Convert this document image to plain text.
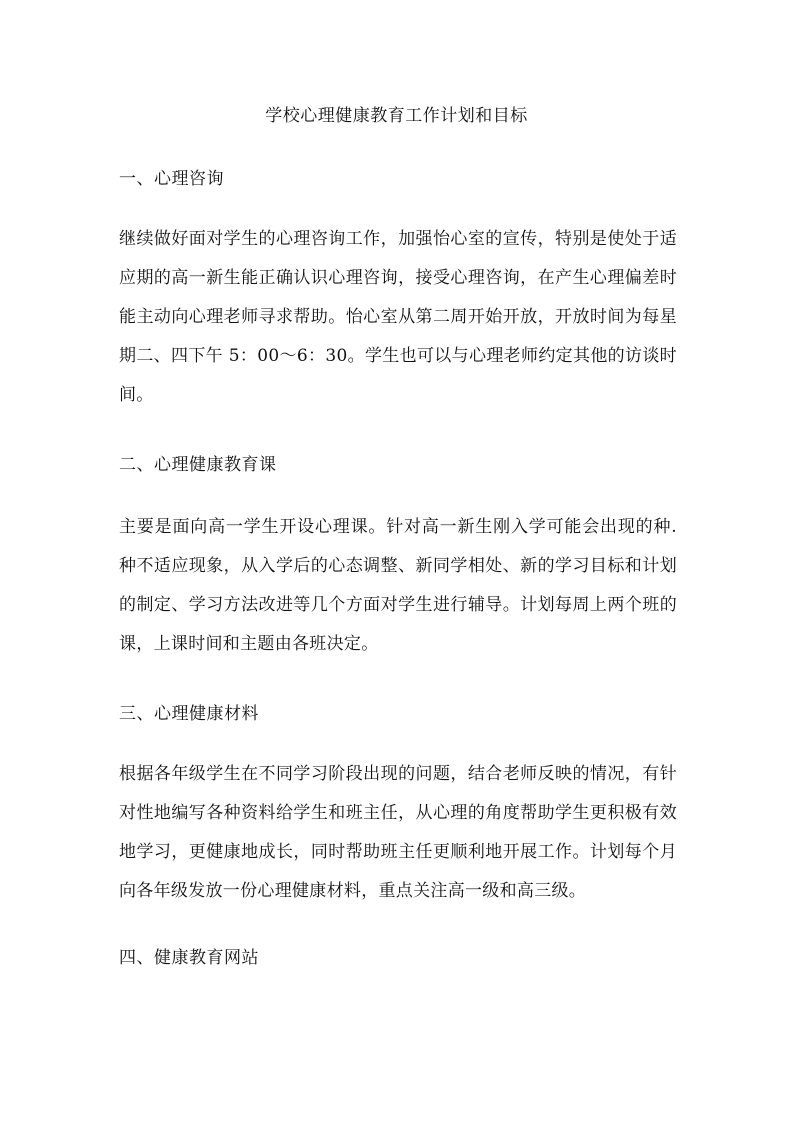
学校心理健康教育工作计划和目标
一、心理咨询
继续做好面对学生的心理咨询工作，加强怡心室的宣传，特别是使处于适应期的高一新生能正确认识心理咨询，接受心理咨询，在产生心理偏差时能主动向心理老师寻求帮助。怡心室从第二周开始开放，开放时间为每星期二、四下午 5：00～6：30。学生也可以与心理老师约定其他的访谈时间。
二、心理健康教育课
主要是面向高一学生开设心理课。针对高一新生刚入学可能会出现的种.种不适应现象，从入学后的心态调整、新同学相处、新的学习目标和计划的制定、学习方法改进等几个方面对学生进行辅导。计划每周上两个班的课，上课时间和主题由各班决定。
三、心理健康材料
根据各年级学生在不同学习阶段出现的问题，结合老师反映的情况，有针对性地编写各种资料给学生和班主任，从心理的角度帮助学生更积极有效地学习，更健康地成长，同时帮助班主任更顺利地开展工作。计划每个月向各年级发放一份心理健康材料，重点关注高一级和高三级。
四、健康教育网站
